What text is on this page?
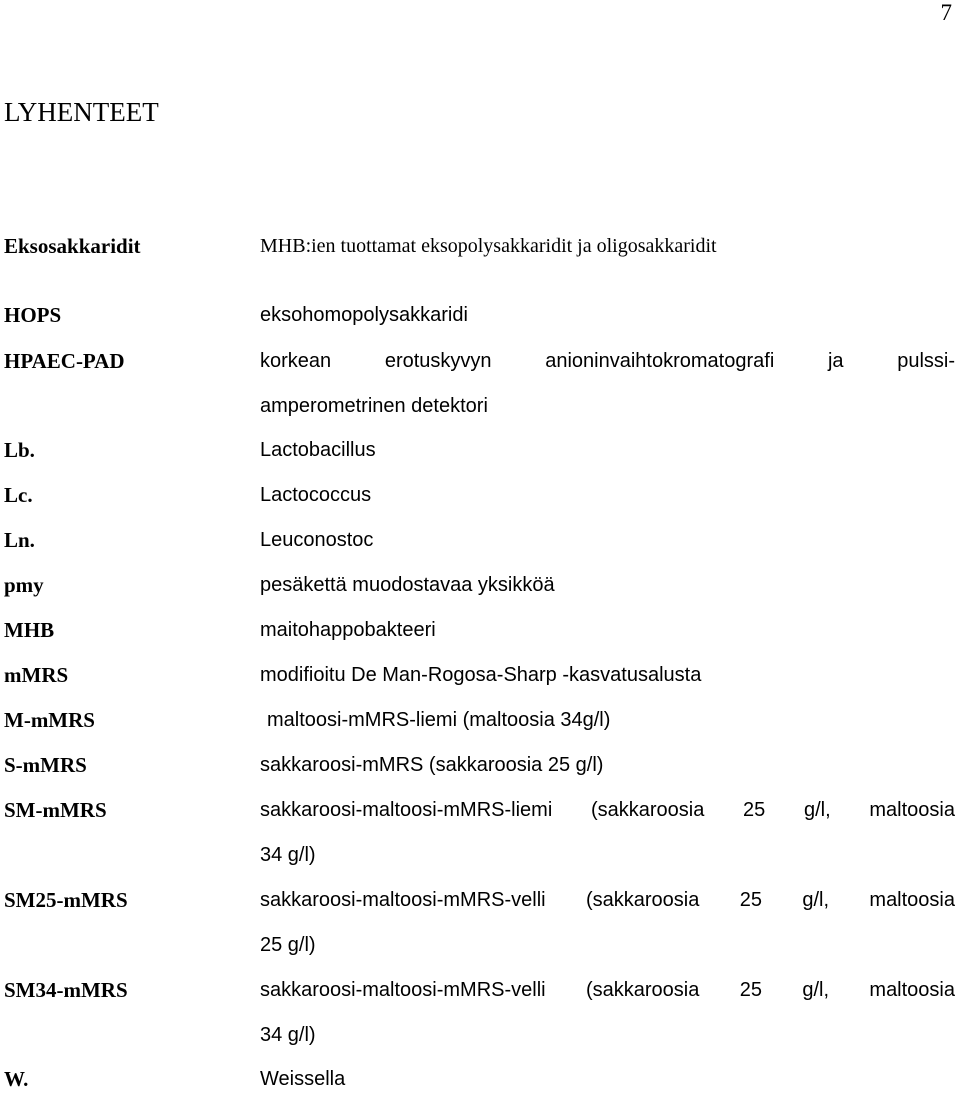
7
LYHENTEET
Eksosakkaridit	MHB:ien tuottamat eksopolysakkaridit ja oligosakkaridit
HOPS	eksohomopolysakkaridi
HPAEC-PAD	korkean erotuskyvyn anioninvaihtokromatografi ja pulssi-
amperometrinen detektori
Lb.	Lactobacillus
Lc.	Lactococcus
Ln.	Leuconostoc
pmy	pesäkettä muodostavaa yksikköä
MHB	maitohappobakteeri
mMRS	modifioitu De Man-Rogosa-Sharp -kasvatusalusta
M-mMRS	maltoosi-mMRS-liemi (maltoosia 34g/l)
S-mMRS	sakkaroosi-mMRS (sakkaroosia 25 g/l)
SM-mMRS	sakkaroosi-maltoosi-mMRS-liemi (sakkaroosia 25 g/l, maltoosia
34 g/l)
SM25-mMRS	sakkaroosi-maltoosi-mMRS-velli (sakkaroosia 25 g/l, maltoosia
25 g/l)
SM34-mMRS	sakkaroosi-maltoosi-mMRS-velli (sakkaroosia 25 g/l, maltoosia
34 g/l)
W.	Weissella
